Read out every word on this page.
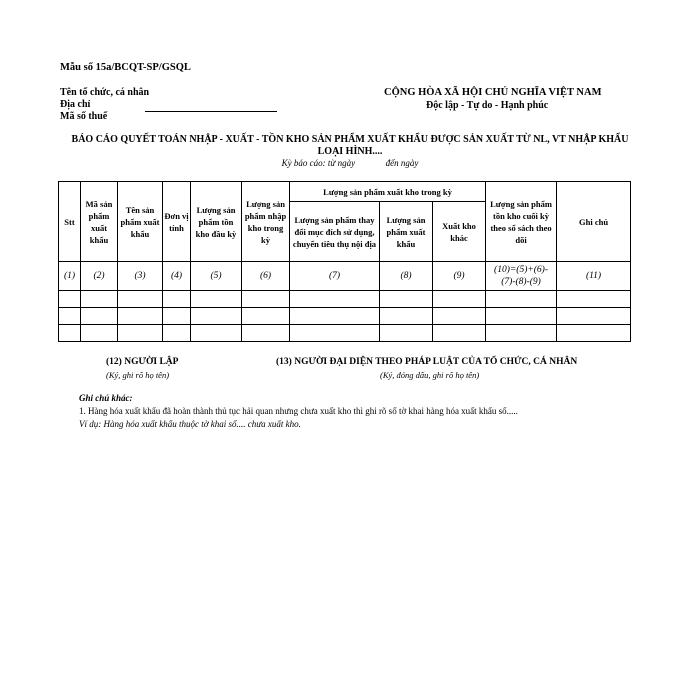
Mẫu số 15a/BCQT-SP/GSQL
Tên tổ chức, cá nhân
Địa chỉ
Mã số thuế
CỘNG HÒA XÃ HỘI CHỦ NGHĨA VIỆT NAM
Độc lập - Tự do - Hạnh phúc
BÁO CÁO QUYẾT TOÁN NHẬP - XUẤT - TỒN KHO SẢN PHẨM XUẤT KHẨU ĐƯỢC SẢN XUẤT TỪ NL, VT NHẬP KHẨU LOẠI HÌNH....
Kỳ báo cáo: từ ngày	đến ngày
Stt	Mã sản phẩm xuất khẩu	Tên sản phẩm xuất khẩu	Đơn vị tính	Lượng sản phẩm tồn kho đầu kỳ	Lượng sản phẩm nhập kho trong kỳ	Lượng sản phẩm xuất kho trong kỳ			Lượng sản phẩm tồn kho cuối kỳ theo sổ sách theo dõi	Ghi chú
						Lượng sản phẩm thay đổi mục đích sử dụng, chuyển tiêu thụ nội địa	Lượng sản phẩm xuất khẩu	Xuất kho khác		
(1)	(2)	(3)	(4)	(5)	(6)	(7)	(8)	(9)	(10)=(5)+(6)-(7)-(8)-(9)	(11)

(12) NGƯỜI LẬP
(Ký, ghi rõ họ tên)
(13) NGƯỜI ĐẠI DIỆN THEO PHÁP LUẬT CỦA TỔ CHỨC, CÁ NHÂN
(Ký, đóng dấu, ghi rõ họ tên)
Ghi chú khác:
1. Hàng hóa xuất khẩu đã hoàn thành thủ tục hải quan nhưng chưa xuất kho thì ghi rõ số tờ khai hàng hóa xuất khẩu số.....
Ví dụ: Hàng hóa xuất khẩu thuộc tờ khai số.... chưa xuất kho.
